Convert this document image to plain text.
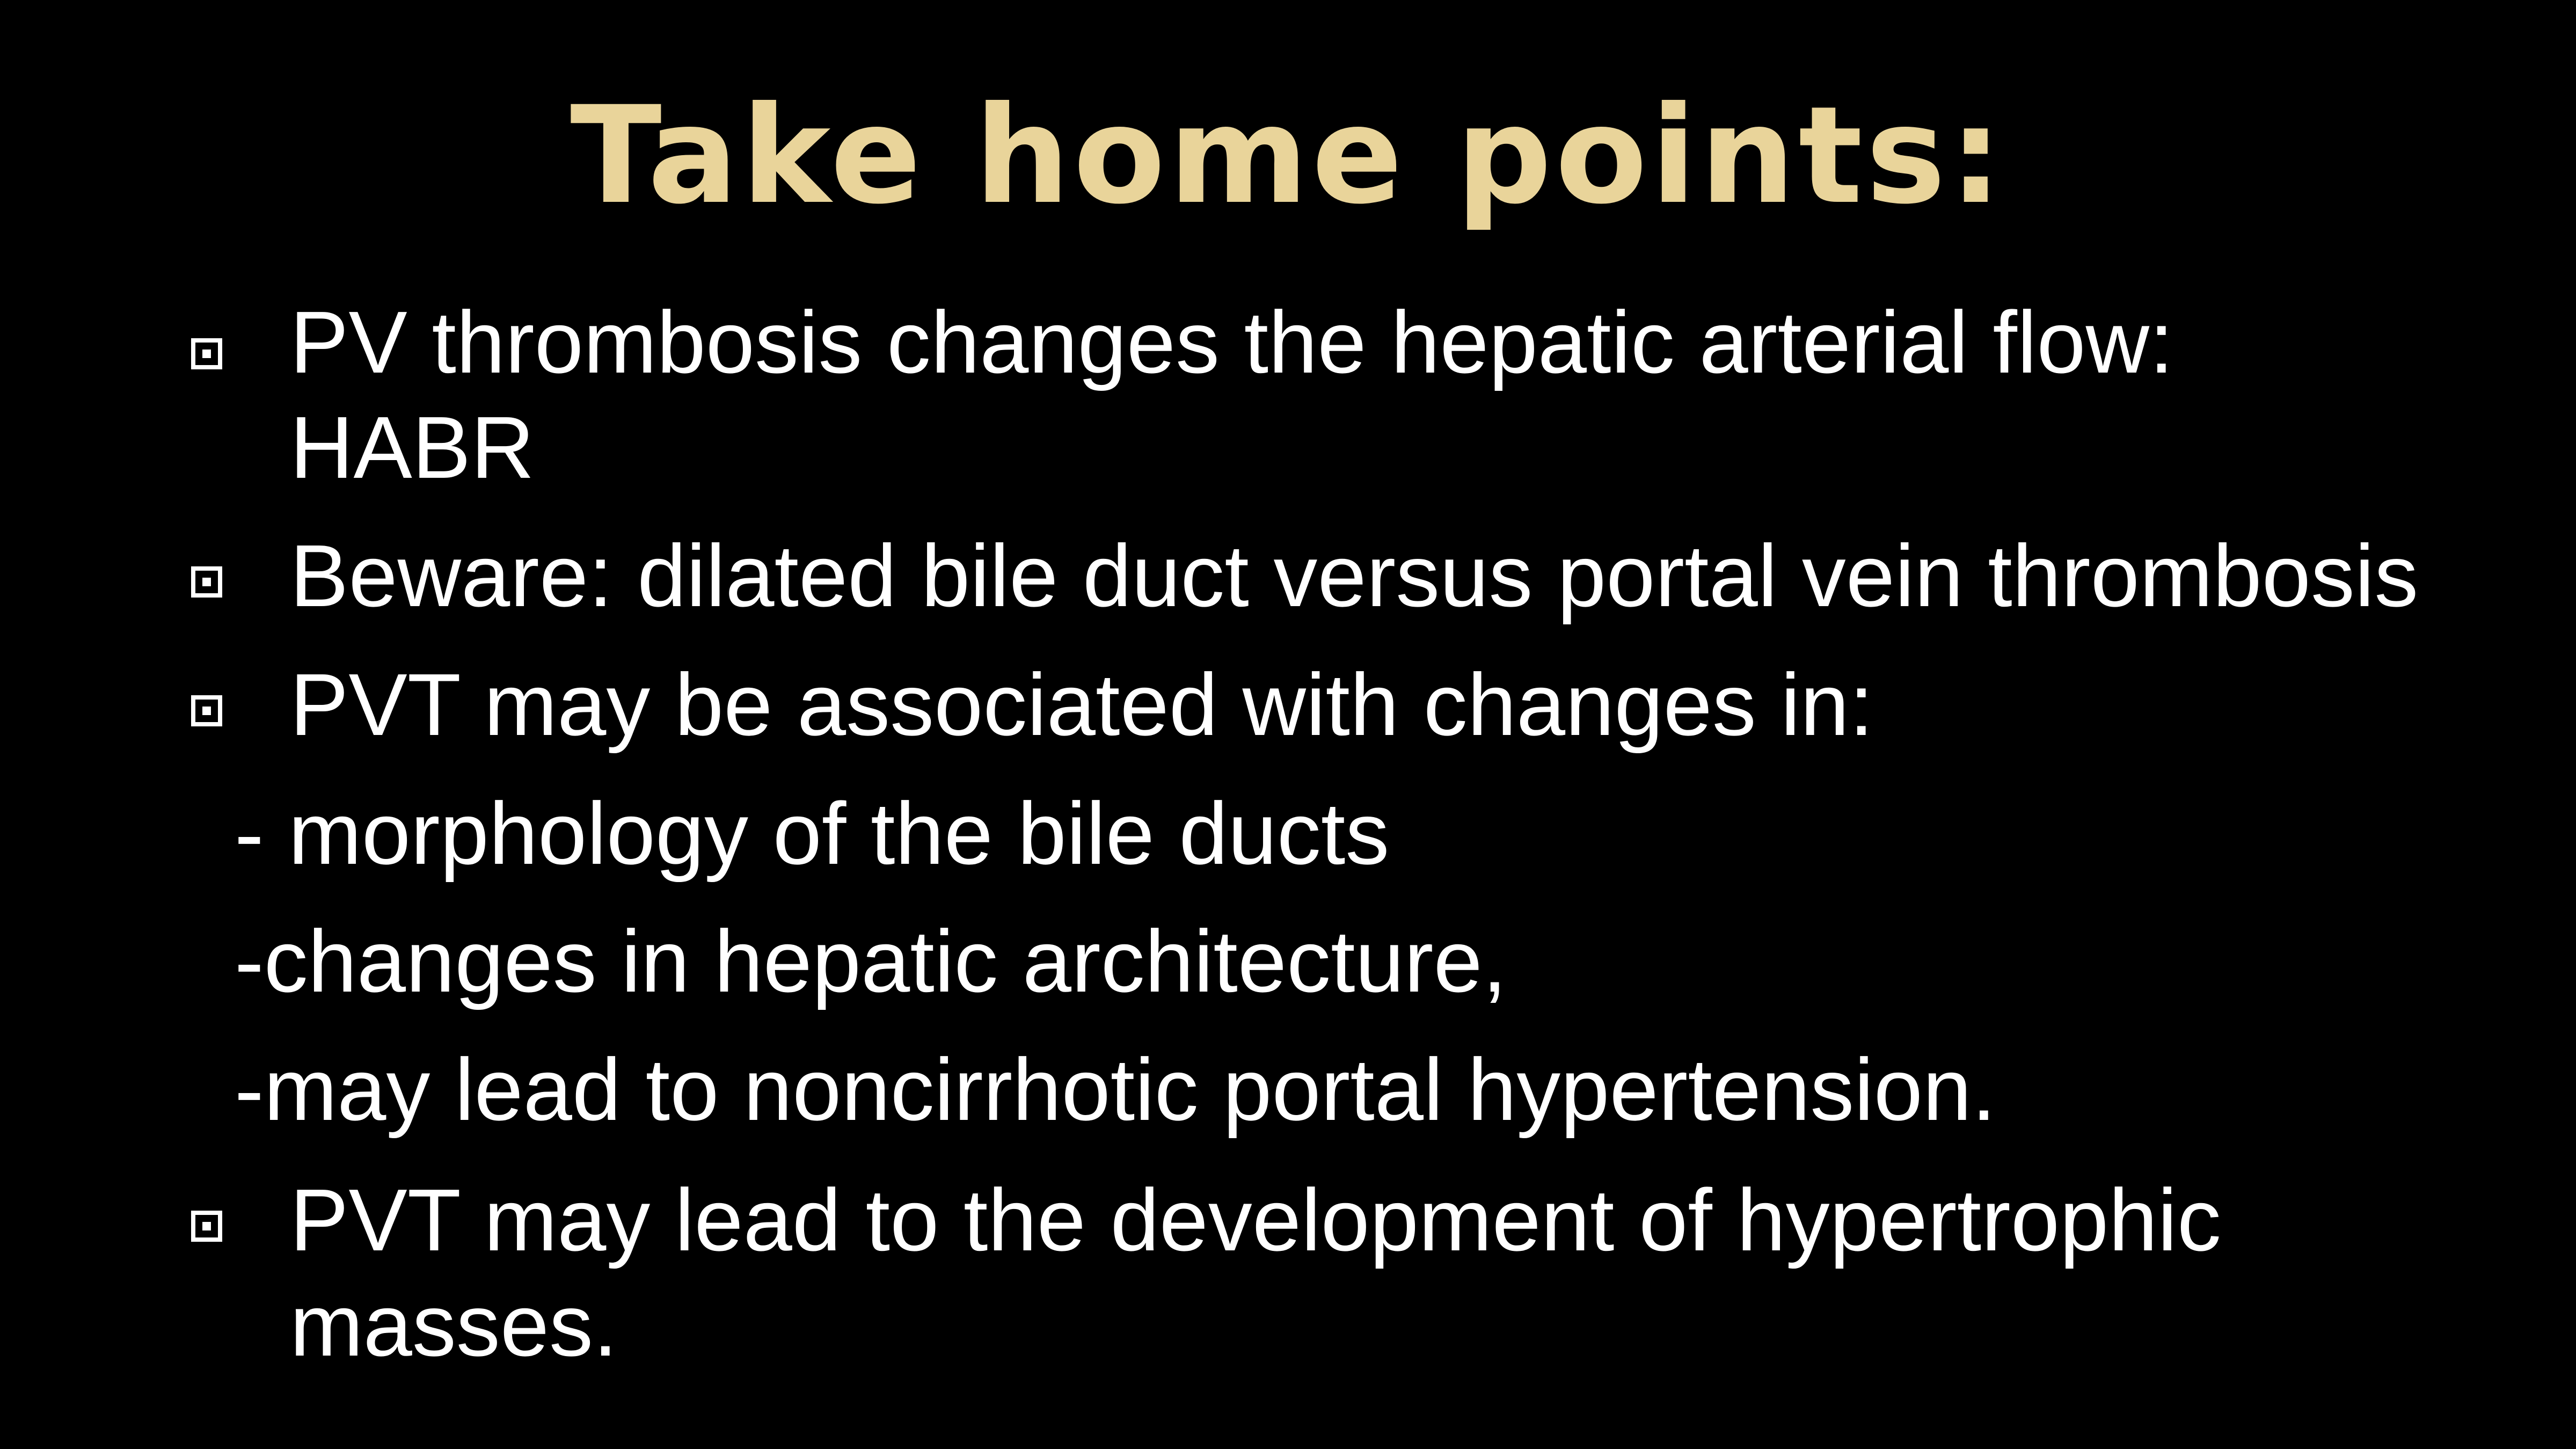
Take home points:
PV thrombosis changes the hepatic arterial flow:
HABR
Beware: dilated bile duct versus portal vein thrombosis
PVT may be associated with changes in:
- morphology of the bile ducts
-changes in hepatic architecture,
-may lead to noncirrhotic portal hypertension.
PVT may lead to the development of hypertrophic
masses.
